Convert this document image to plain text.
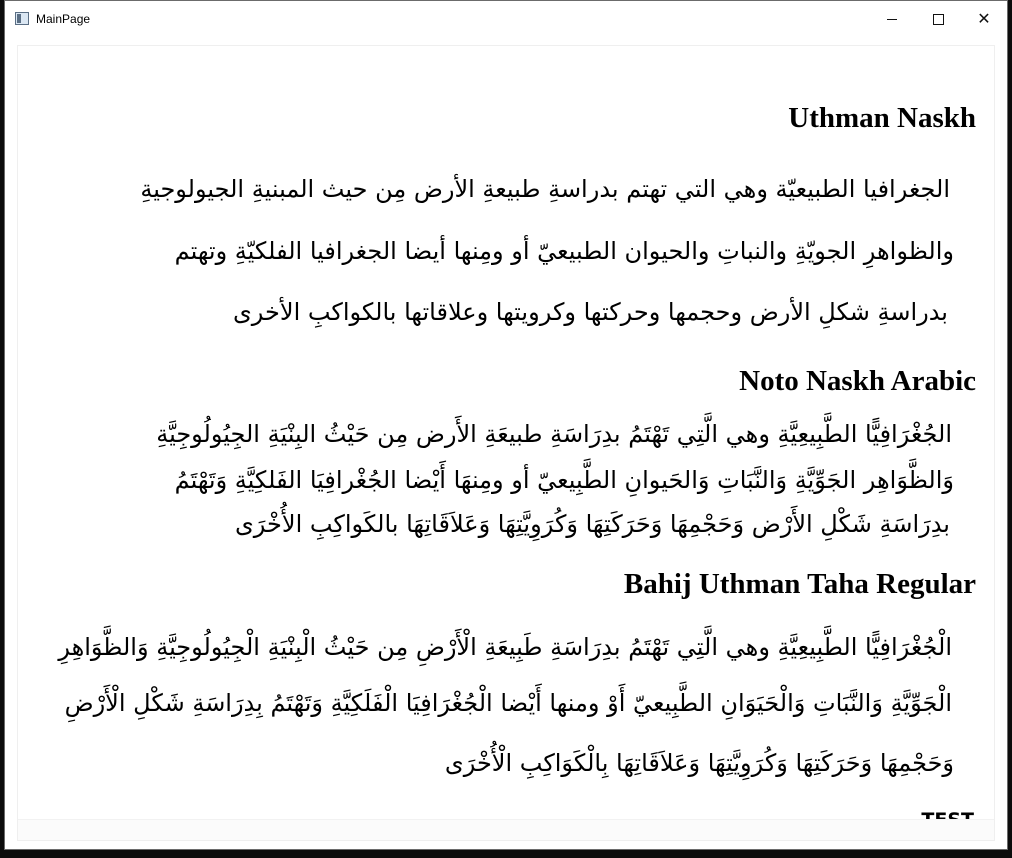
MainPage	✕
Uthman Naskh
الجغرافيا الطبيعيّة وهي التي تهتم بدراسةِ طبيعةِ الأرض مِن حيث المبنيةِ الجيولوجيةِ
والظواهرِ الجويّةِ والنباتِ والحيوان الطبيعيّ أو ومِنها أيضا الجغرافيا الفلكيّةِ وتهتم
بدراسةِ شكلِ الأرض وحجمها وحركتها وكرويتها وعلاقاتها بالكواكبِ الأخرى
Noto Naskh Arabic
الجُغْرَافِيًّا الطَّبِيعِيَّةِ وهي الَّتِي تَهْتَمُ بدِرَاسَةِ طبيعَةِ الأَرض مِن حَيْثُ البِنْيَةِ الجِيُولُوجِيَّةِ
وَالظَّوَاهِر الجَوِّيَّةِ وَالنَّبَاتِ وَالحَيوانِ الطَّبِيعيّ أو ومِنهَا أَيْضا الجُغْرافِيَا الفَلكِيَّةِ وَتَهْتَمُ
بدِرَاسَةِ شَكْلِ الأَرْض وَحَجْمِهَا وَحَرَكَتِهَا وَكُرَوِيَّتِهَا وَعَلاَقَاتِهَا بالكَواكِبِ الأُخْرَى
Bahij Uthman Taha Regular
الْجُغْرَافِيًّا الطَّبِيعِيَّةِ وهي الَّتِي تَهْتَمُ بدِرَاسَةِ طَبِيعَةِ الْأَرْضِ مِن حَيْثُ الْبِنْيَةِ الْجِيُولُوجِيَّةِ وَالظَّوَاهِرِ
الْجَوِّيَّةِ وَالنَّبَاتِ وَالْحَيَوَانِ الطَّبِيعيّ أَوْ ومنها أَيْضا الْجُغْرَافِيَا الْفَلَكِيَّةِ وَتَهْتَمُ بِدِرَاسَةِ شَكْلِ الْأَرْضِ
وَحَجْمِهَا وَحَرَكَتِهَا وَكُرَوِيَّتِهَا وَعَلاَقَاتِهَا بِالْكَوَاكِبِ الْأُخْرَى
